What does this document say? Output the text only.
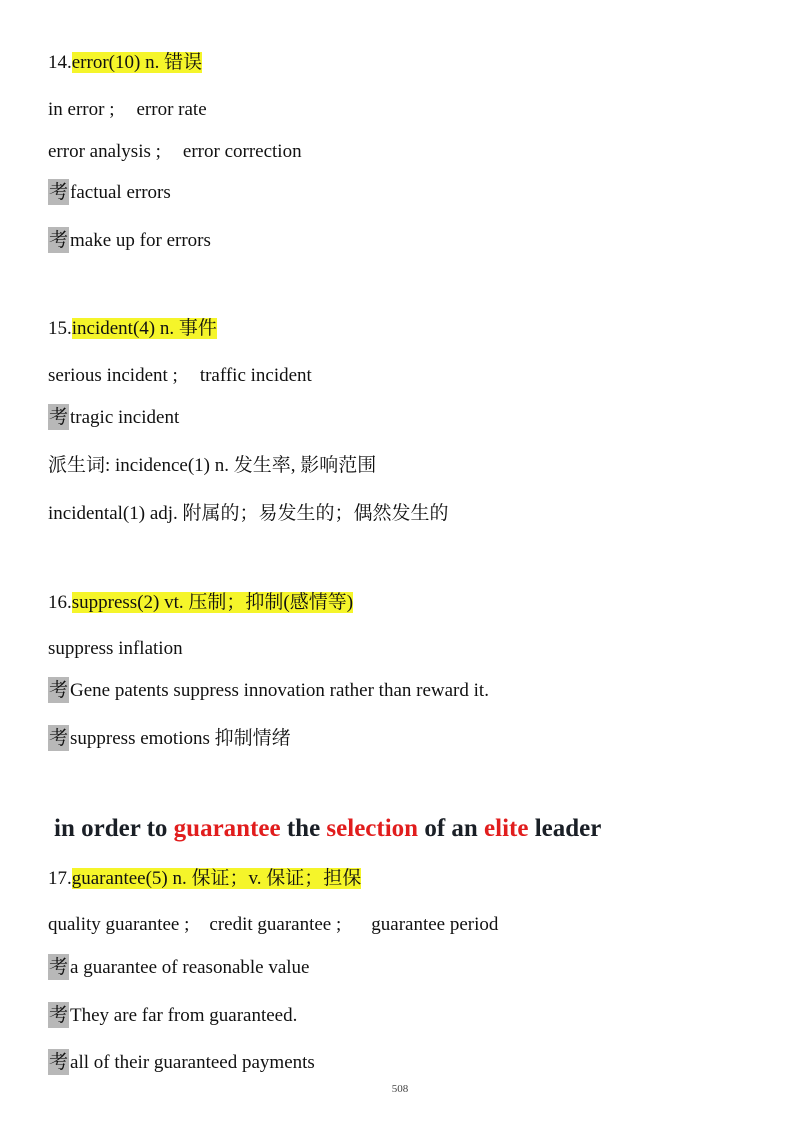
14.error(10) n. 错误
in error ; error rate
error analysis ; error correction
考 factual errors
考 make up for errors
15.incident(4) n. 事件
serious incident ; traffic incident
考 tragic incident
派生词: incidence(1) n. 发生率, 影响范围
incidental(1) adj. 附属的；易发生的；偶然发生的
16.suppress(2) vt. 压制；抑制(感情等)
suppress inflation
考 Gene patents suppress innovation rather than reward it.
考 suppress emotions 抑制情绪
in order to guarantee the selection of an elite leader
17.guarantee(5) n. 保证；v. 保证；担保
quality guarantee ; credit guarantee ; guarantee period
考 a guarantee of reasonable value
考 They are far from guaranteed.
考 all of their guaranteed payments
508
